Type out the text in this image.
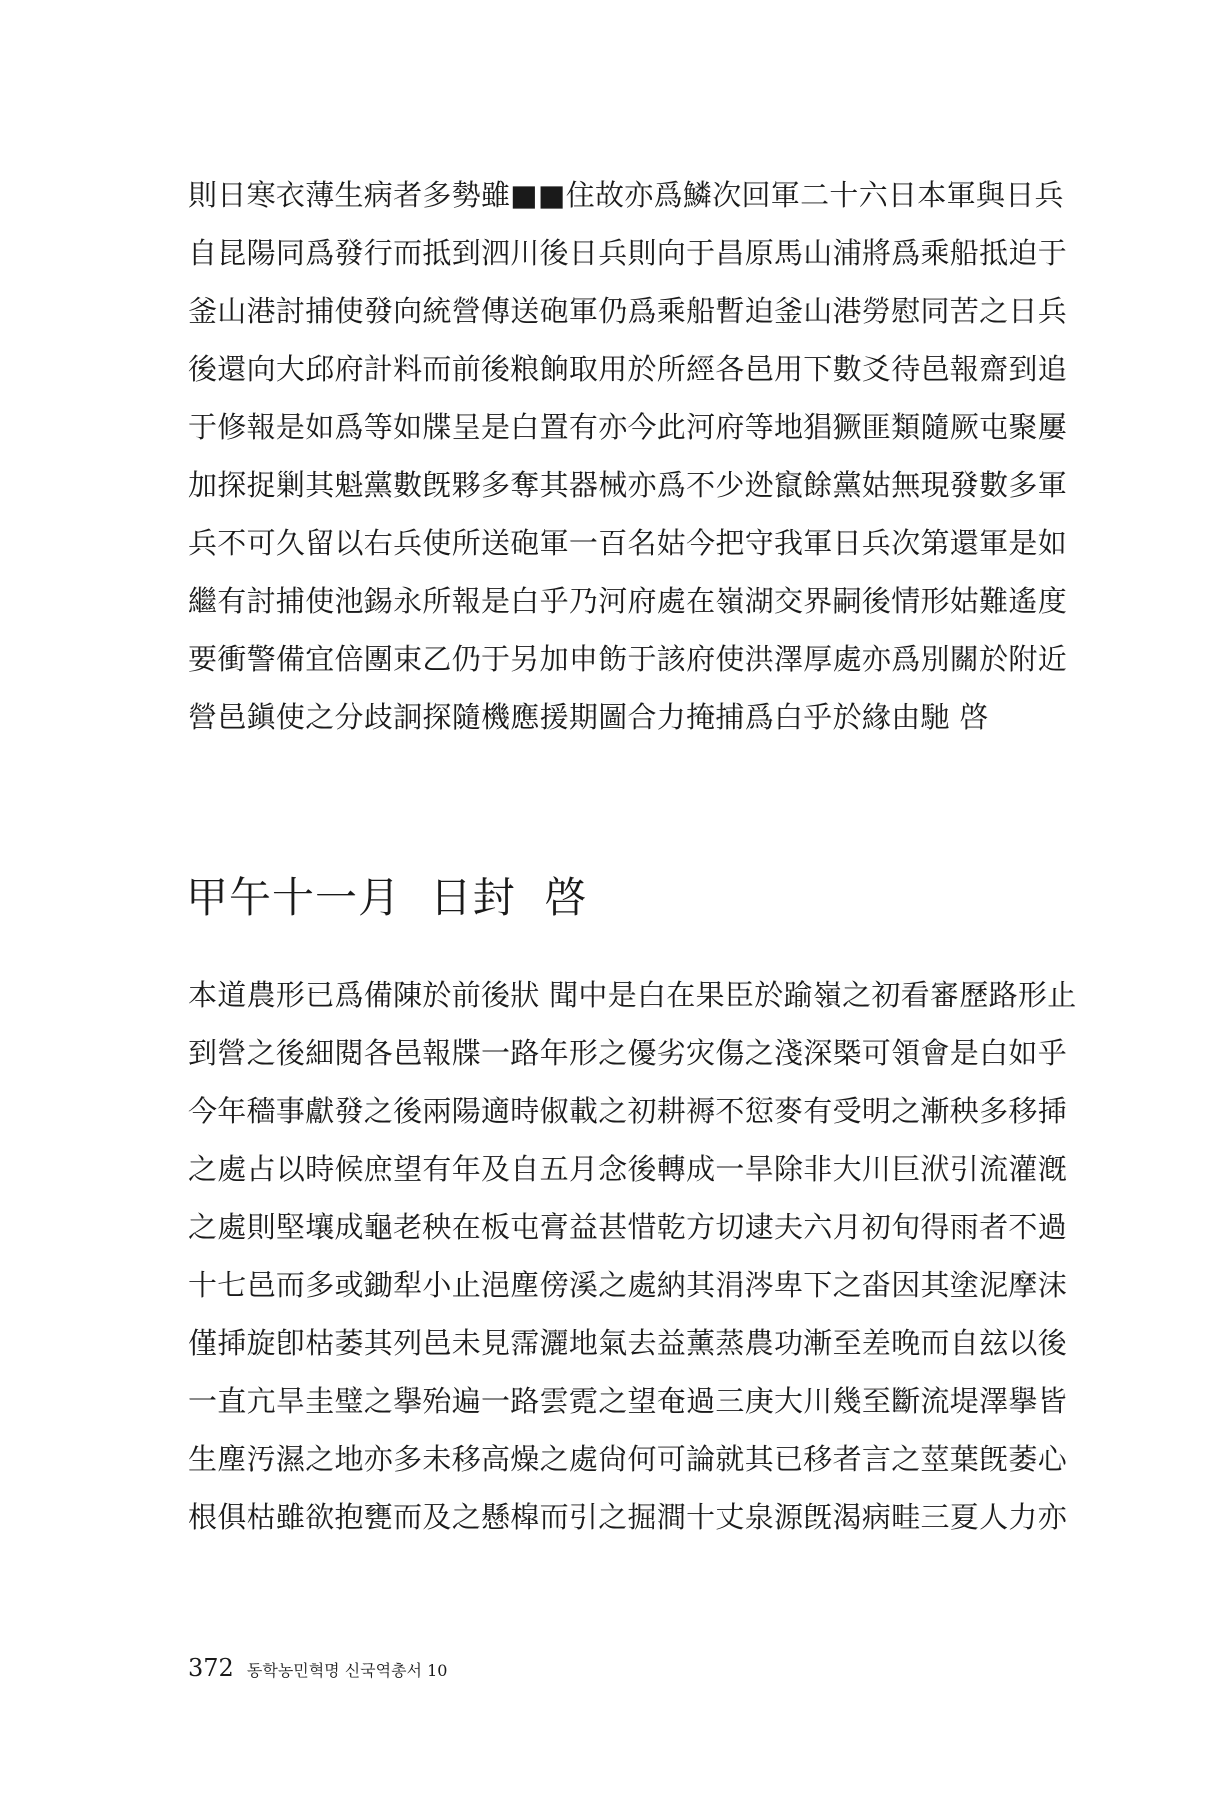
則日寒衣薄生病者多勢雖■■住故亦爲鱗次回軍二十六日本軍與日兵
自昆陽同爲發行而抵到泗川後日兵則向于昌原馬山浦將爲乘船抵迫于
釜山港討捕使發向統營傳送砲軍仍爲乘船暫迫釜山港勞慰同苦之日兵
後還向大邱府計料而前後粮餉取用於所經各邑用下數爻待邑報齋到追
于修報是如爲等如牒呈是白置有亦今此河府等地猖獗匪類隨厥屯聚屢
加探捉剿其魁黨數旣夥多奪其器械亦爲不少迯竄餘黨姑無現發數多軍
兵不可久留以右兵使所送砲軍一百名姑今把守我軍日兵次第還軍是如
繼有討捕使池錫永所報是白乎乃河府處在嶺湖交界嗣後情形姑難遙度
要衝警備宜倍團束乙仍于另加申飭于該府使洪澤厚處亦爲別關於附近
營邑鎭使之分歧詗探隨機應援期圖合力掩捕爲白乎於緣由馳 啓
甲午十一月  日封  啓
本道農形已爲備陳於前後狀 聞中是白在果臣於踰嶺之初看審歷路形止
到營之後細閱各邑報牒一路年形之優劣灾傷之淺深槩可領會是白如乎
今年穡事獻發之後兩陽適時俶載之初耕褥不愆麥有受明之漸秧多移揷
之處占以時候庶望有年及自五月念後轉成一旱除非大川巨洑引流灌漑
之處則堅壤成龜老秧在板屯膏益甚惜乾方切逮夫六月初旬得雨者不過
十七邑而多或鋤犁小止浥塵傍溪之處納其涓涔卑下之畓因其塗泥摩沫
僅揷旋卽枯萎其列邑未見霈灑地氣去益薰蒸農功漸至差晚而自玆以後
一直亢旱圭璧之擧殆遍一路雲霓之望奄過三庚大川幾至斷流堤澤擧皆
生塵汚濕之地亦多未移高燥之處尙何可論就其已移者言之莖葉旣萎心
根俱枯雖欲抱甕而及之懸槹而引之掘澗十丈泉源旣渴病畦三夏人力亦
372 동학농민혁명 신국역총서 10
